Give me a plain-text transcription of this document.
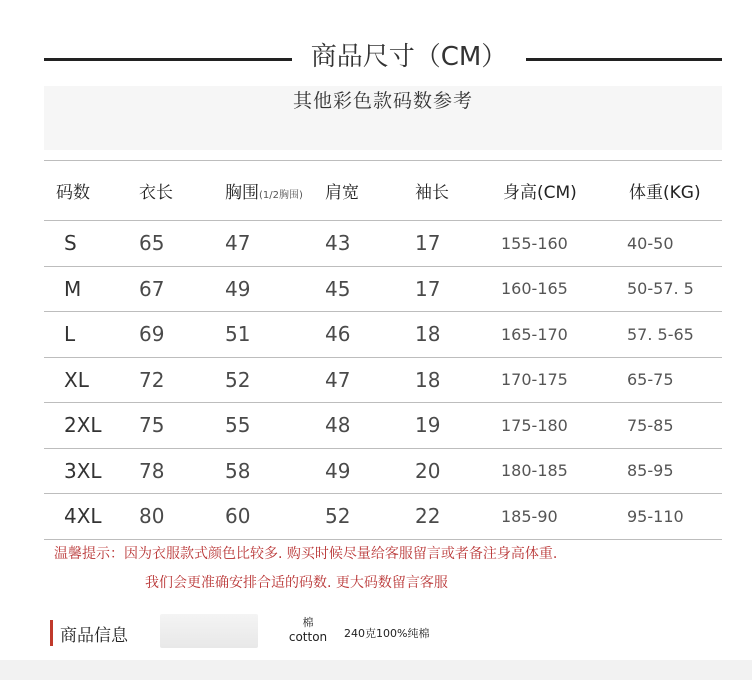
商品尺寸（CM）
其他彩色款码数参考
码数	衣长	胸围(1/2胸围)	肩宽	袖长	身高(CM)	体重(KG)
S	65	47	43	17	155-160	40-50
M	67	49	45	17	160-165	50-57. 5
L	69	51	46	18	165-170	57. 5-65
XL	72	52	47	18	170-175	65-75
2XL	75	55	48	19	175-180	75-85
3XL	78	58	49	20	180-185	85-95
4XL	80	60	52	22	185-90	95-110
温馨提示：因为衣服款式颜色比较多. 购买时候尽量给客服留言或者备注身高体重.
我们会更准确安排合适的码数. 更大码数留言客服
商品信息
棉
cotton 240克100%纯棉
